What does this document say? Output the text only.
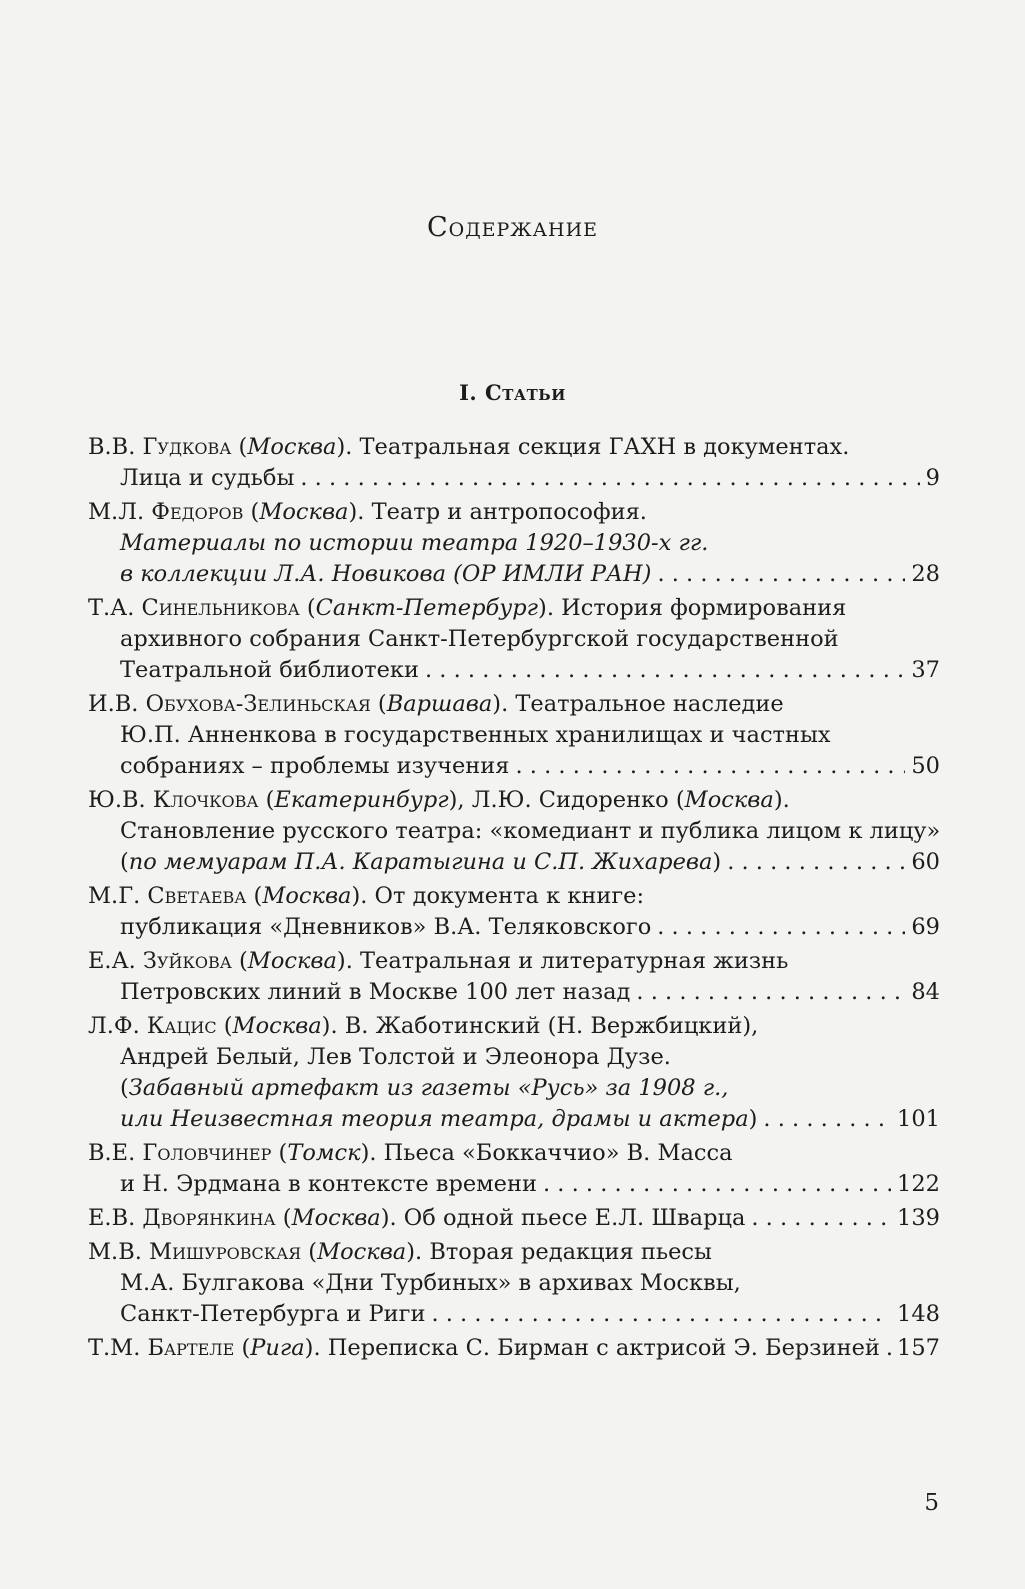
Содержание
I. Статьи
В.В. Гудкова (Москва). Театральная секция ГАХН в документах.
Лица и судьбы . . .	9
М.Л. Федоров (Москва). Театр и антропософия.
Материалы по истории театра 1920–1930-х гг.
в коллекции Л.А. Новикова (ОР ИМЛИ РАН) . . .	28
Т.А. Синельникова (Санкт-Петербург). История формирования
архивного собрания Санкт-Петербургской государственной
Театральной библиотеки . . .	37
И.В. Обухова-Зелиньская (Варшава). Театральное наследие
Ю.П. Анненкова в государственных хранилищах и частных
собраниях – проблемы изучения . . .	50
Ю.В. Клочкова (Екатеринбург), Л.Ю. Сидоренко (Москва).
Становление русского театра: «комедиант и публика лицом к лицу»
(по мемуарам П.А. Каратыгина и С.П. Жихарева) . . .	60
М.Г. Светаева (Москва). От документа к книге:
публикация «Дневников» В.А. Теляковского . . .	69
Е.А. Зуйкова (Москва). Театральная и литературная жизнь
Петровских линий в Москве 100 лет назад . . .	84
Л.Ф. Кацис (Москва). В. Жаботинский (Н. Вержбицкий),
Андрей Белый, Лев Толстой и Элеонора Дузе.
(Забавный артефакт из газеты «Русь» за 1908 г.,
или Неизвестная теория театра, драмы и актера) . . .	101
В.Е. Головчинер (Томск). Пьеса «Боккаччио» В. Масса
и Н. Эрдмана в контексте времени . . .	122
Е.В. Дворянкина (Москва). Об одной пьесе Е.Л. Шварца . . .	139
М.В. Мишуровская (Москва). Вторая редакция пьесы
М.А. Булгакова «Дни Турбиных» в архивах Москвы,
Санкт-Петербурга и Риги . . .	148
Т.М. Бартеле (Рига). Переписка С. Бирман с актрисой Э. Берзиней . . . 157
5
